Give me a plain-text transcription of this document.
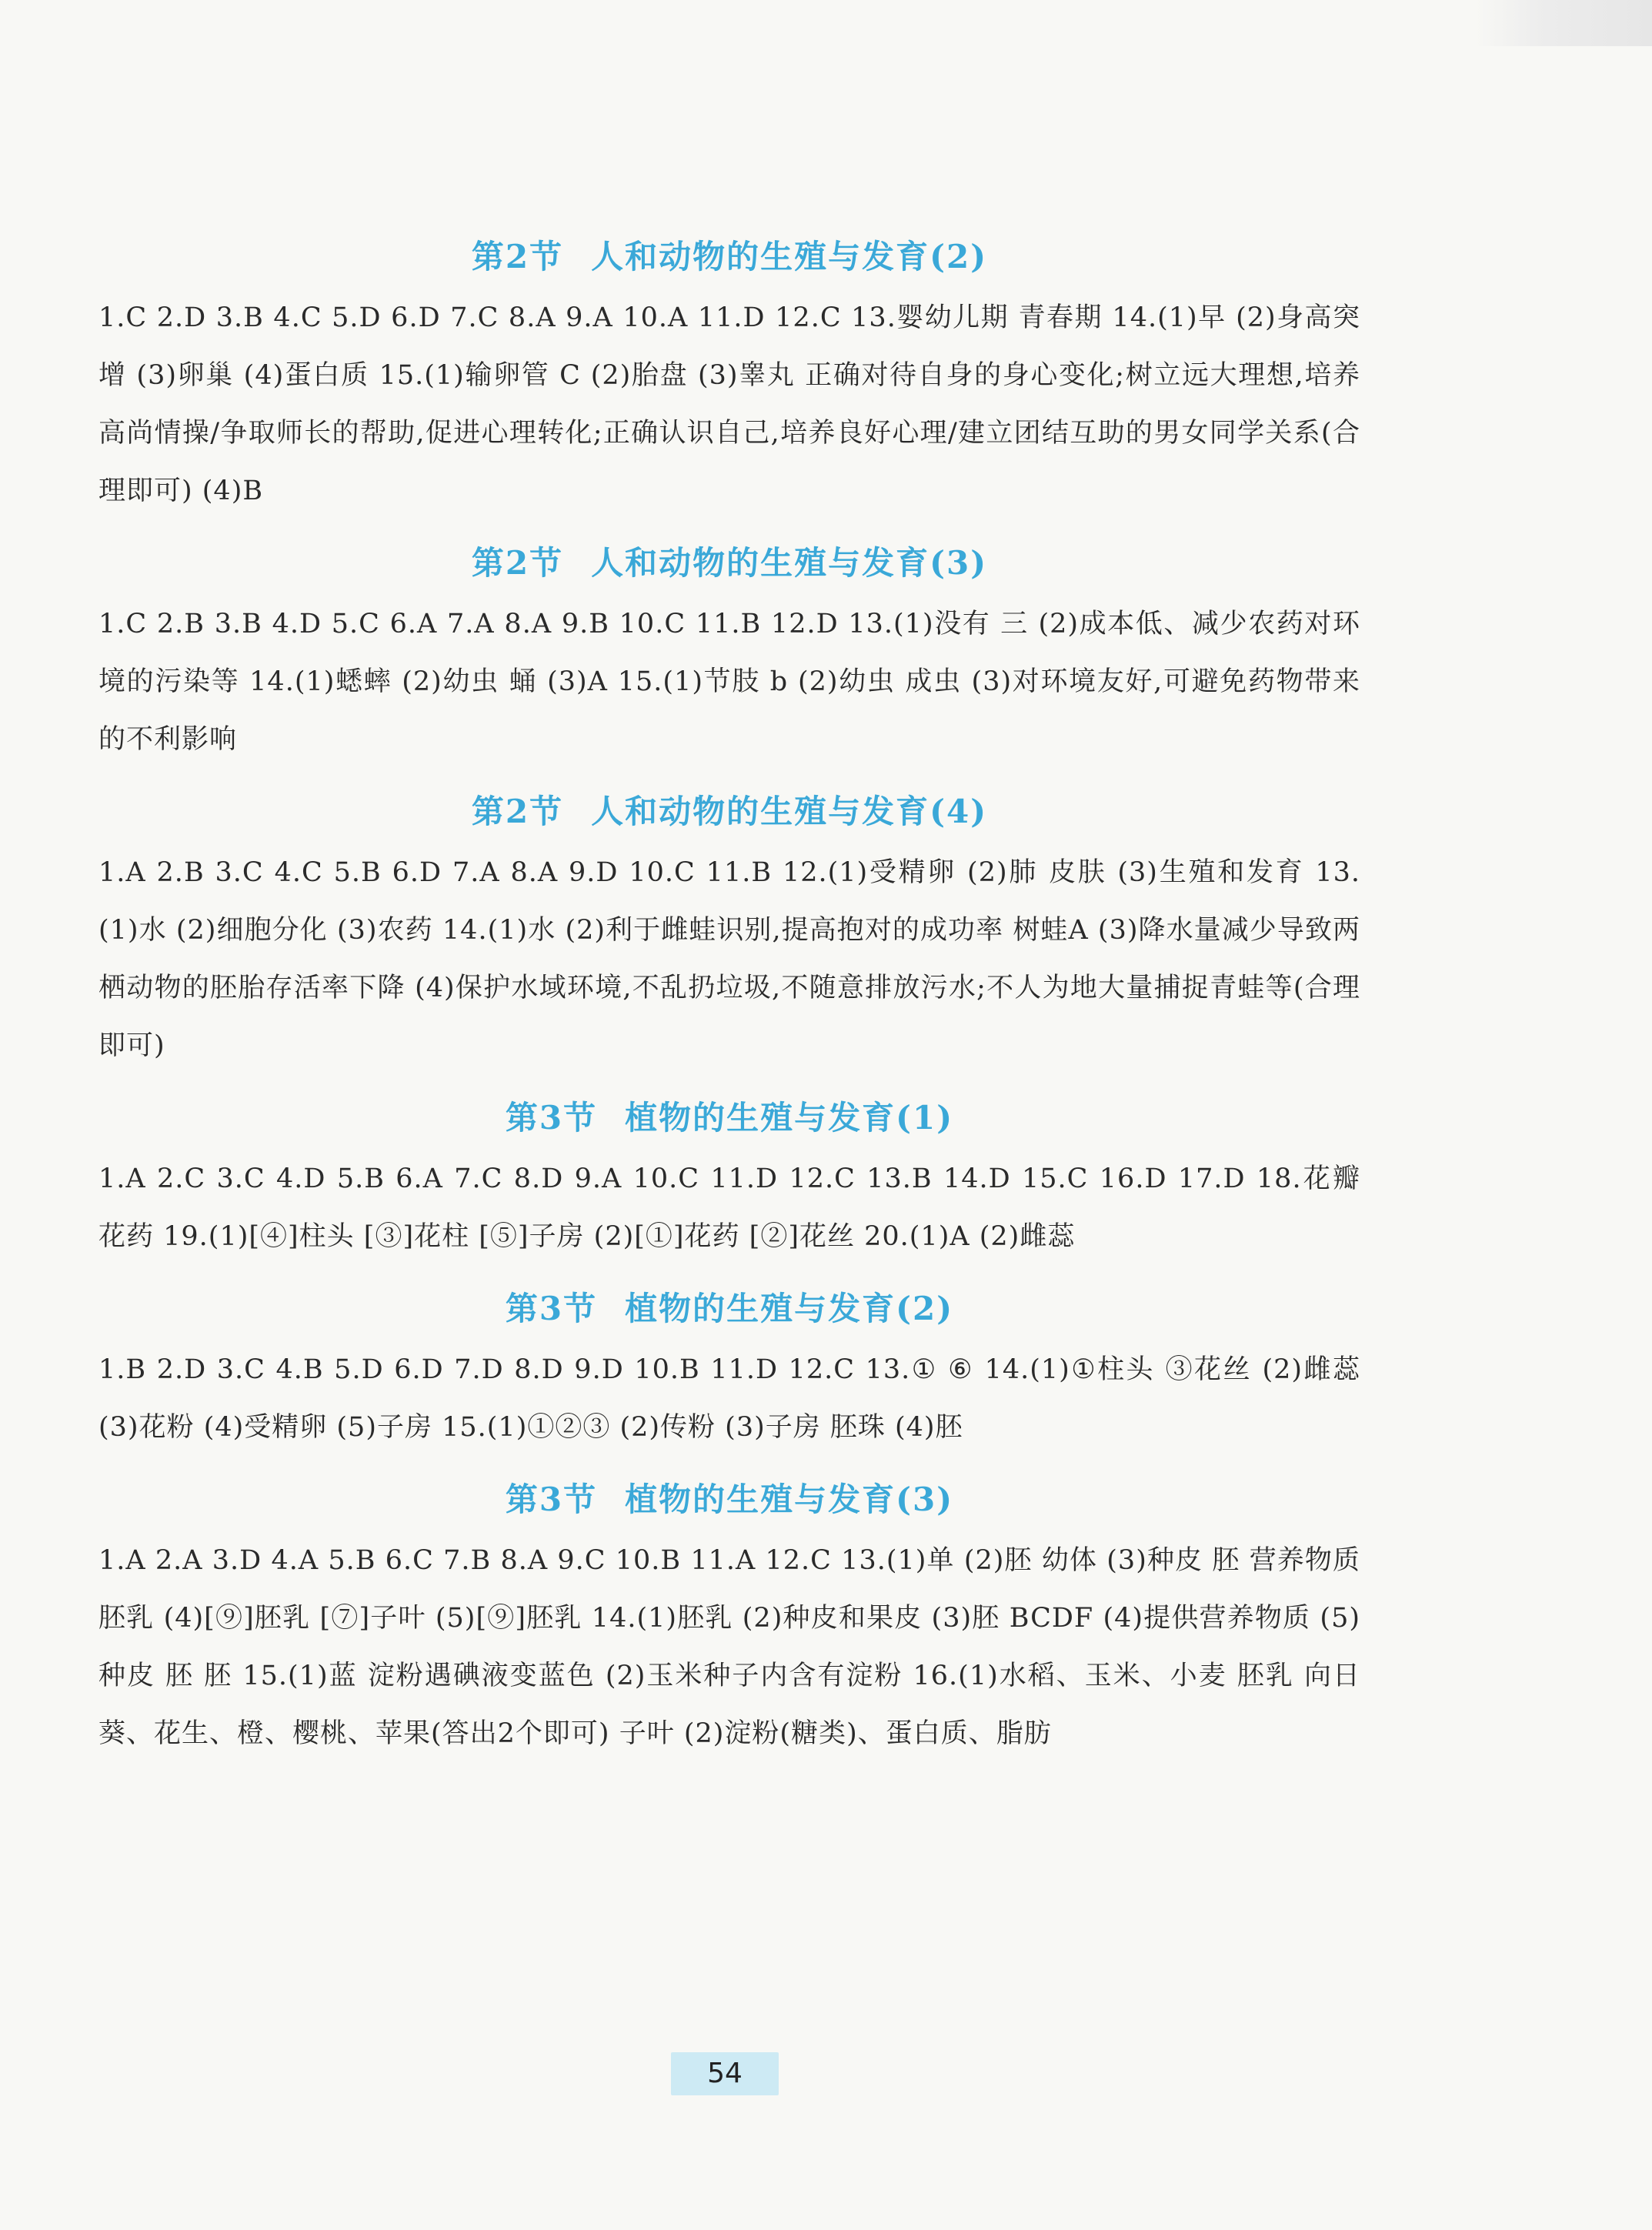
第2节 人和动物的生殖与发育(2)
1.C 2.D 3.B 4.C 5.D 6.D 7.C 8.A 9.A 10.A 11.D 12.C 13.婴幼儿期 青春期 14.(1)早 (2)身高突增 (3)卵巢 (4)蛋白质 15.(1)输卵管 C (2)胎盘 (3)睾丸 正确对待自身的身心变化;树立远大理想,培养高尚情操/争取师长的帮助,促进心理转化;正确认识自己,培养良好心理/建立团结互助的男女同学关系(合理即可) (4)B
第2节 人和动物的生殖与发育(3)
1.C 2.B 3.B 4.D 5.C 6.A 7.A 8.A 9.B 10.C 11.B 12.D 13.(1)没有 三 (2)成本低、减少农药对环境的污染等 14.(1)蟋蟀 (2)幼虫 蛹 (3)A 15.(1)节肢 b (2)幼虫 成虫 (3)对环境友好,可避免药物带来的不利影响
第2节 人和动物的生殖与发育(4)
1.A 2.B 3.C 4.C 5.B 6.D 7.A 8.A 9.D 10.C 11.B 12.(1)受精卵 (2)肺 皮肤 (3)生殖和发育 13.(1)水 (2)细胞分化 (3)农药 14.(1)水 (2)利于雌蛙识别,提高抱对的成功率 树蛙A (3)降水量减少导致两栖动物的胚胎存活率下降 (4)保护水域环境,不乱扔垃圾,不随意排放污水;不人为地大量捕捉青蛙等(合理即可)
第3节 植物的生殖与发育(1)
1.A 2.C 3.C 4.D 5.B 6.A 7.C 8.D 9.A 10.C 11.D 12.C 13.B 14.D 15.C 16.D 17.D 18.花瓣 花药 19.(1)[④]柱头 [③]花柱 [⑤]子房 (2)[①]花药 [②]花丝 20.(1)A (2)雌蕊
第3节 植物的生殖与发育(2)
1.B 2.D 3.C 4.B 5.D 6.D 7.D 8.D 9.D 10.B 11.D 12.C 13.① ⑥ 14.(1)①柱头 ③花丝 (2)雌蕊 (3)花粉 (4)受精卵 (5)子房 15.(1)①②③ (2)传粉 (3)子房 胚珠 (4)胚
第3节 植物的生殖与发育(3)
1.A 2.A 3.D 4.A 5.B 6.C 7.B 8.A 9.C 10.B 11.A 12.C 13.(1)单 (2)胚 幼体 (3)种皮 胚 营养物质 胚乳 (4)[⑨]胚乳 [⑦]子叶 (5)[⑨]胚乳 14.(1)胚乳 (2)种皮和果皮 (3)胚 BCDF (4)提供营养物质 (5)种皮 胚 胚 15.(1)蓝 淀粉遇碘液变蓝色 (2)玉米种子内含有淀粉 16.(1)水稻、玉米、小麦 胚乳 向日葵、花生、橙、樱桃、苹果(答出2个即可) 子叶 (2)淀粉(糖类)、蛋白质、脂肪
54
